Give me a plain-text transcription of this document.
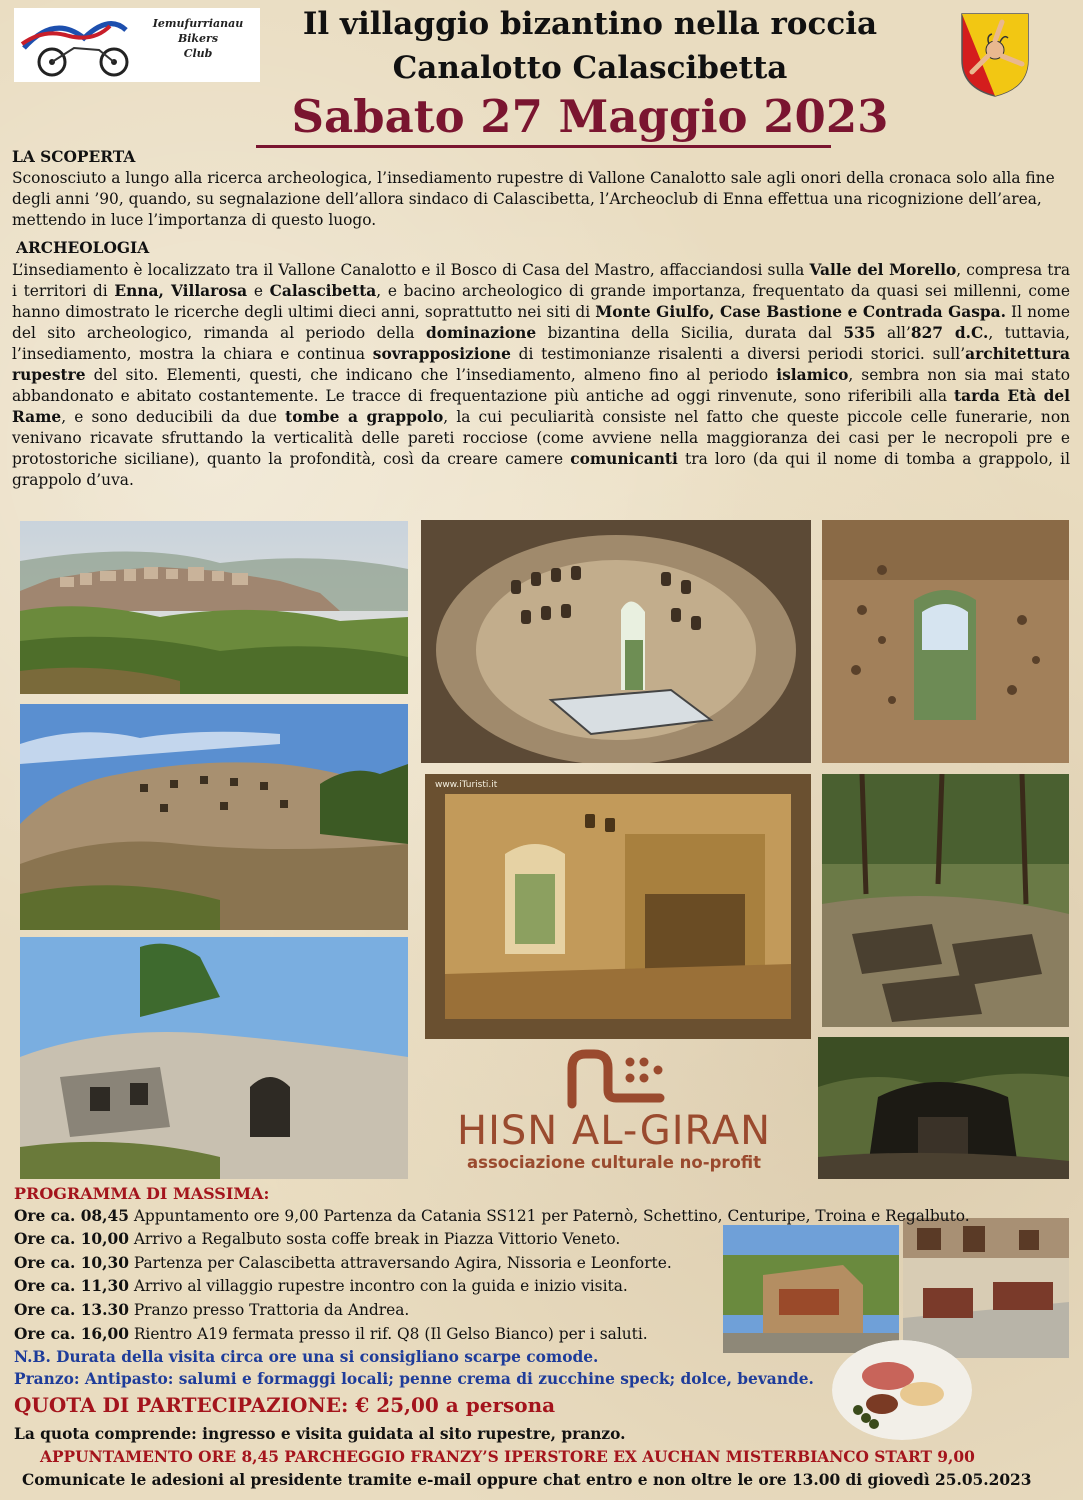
Iemufurrianau
Bikers
Club
Il villaggio bizantino nella roccia
Canalotto Calascibetta
Sabato 27 Maggio 2023
LA SCOPERTA
Sconosciuto a lungo alla ricerca archeologica, l’insediamento rupestre di Vallone Canalotto sale agli onori della cronaca solo alla fine degli anni ’90, quando, su segnalazione dell’allora sindaco di Calascibetta, l’Archeoclub di Enna effettua una ricognizione dell’area, mettendo in luce l’importanza di questo luogo.
ARCHEOLOGIA
L’insediamento è localizzato tra il Vallone Canalotto e il Bosco di Casa del Mastro, affacciandosi sulla Valle del Morello, compresa tra i territori di Enna, Villarosa e Calascibetta, e bacino archeologico di grande importanza, frequentato da quasi sei millenni, come hanno dimostrato le ricerche degli ultimi dieci anni, soprattutto nei siti di Monte Giulfo, Case Bastione e Contrada Gaspa. Il nome del sito archeologico, rimanda al periodo della dominazione bizantina della Sicilia, durata dal 535 all’827 d.C., tuttavia, l’insediamento, mostra la chiara e continua sovrapposizione di testimonianze risalenti a diversi periodi storici. sull’architettura rupestre del sito. Elementi, questi, che indicano che l’insediamento, almeno fino al periodo islamico, sembra non sia mai stato abbandonato e abitato costantemente. Le tracce di frequentazione più antiche ad oggi rinvenute, sono riferibili alla tarda Età del Rame, e sono deducibili da due tombe a grappolo, la cui peculiarità consiste nel fatto che queste piccole celle funerarie, non venivano ricavate sfruttando la verticalità delle pareti rocciose (come avviene nella maggioranza dei casi per le necropoli pre e protostoriche siciliane), quanto la profondità, così da creare camere comunicanti tra loro (da qui il nome di tomba a grappolo, il grappolo d’uva.
www.iTuristi.it
HISN AL-GIRAN
associazione culturale no-profit
PROGRAMMA DI MASSIMA:
Ore ca. 08,45 Appuntamento ore 9,00 Partenza da Catania SS121 per Paternò, Schettino, Centuripe, Troina e Regalbuto.
Ore ca. 10,00 Arrivo a Regalbuto sosta coffe break in Piazza Vittorio Veneto.
Ore ca. 10,30 Partenza per Calascibetta attraversando Agira, Nissoria e Leonforte.
Ore ca. 11,30 Arrivo al villaggio rupestre incontro con la guida e inizio visita.
Ore ca. 13.30 Pranzo presso Trattoria da Andrea.
Ore ca. 16,00 Rientro A19 fermata presso il rif. Q8 (Il Gelso Bianco) per i saluti.
N.B. Durata della visita circa ore una si consigliano scarpe comode.
Pranzo: Antipasto: salumi e formaggi locali; penne crema di zucchine speck; dolce, bevande.
QUOTA DI PARTECIPAZIONE: € 25,00 a persona
La quota comprende: ingresso e visita guidata al sito rupestre, pranzo.
APPUNTAMENTO ORE 8,45 PARCHEGGIO FRANZY’S IPERSTORE EX AUCHAN MISTERBIANCO START 9,00
Comunicate le adesioni al presidente tramite e-mail oppure chat entro e non oltre le ore 13.00 di giovedì 25.05.2023
